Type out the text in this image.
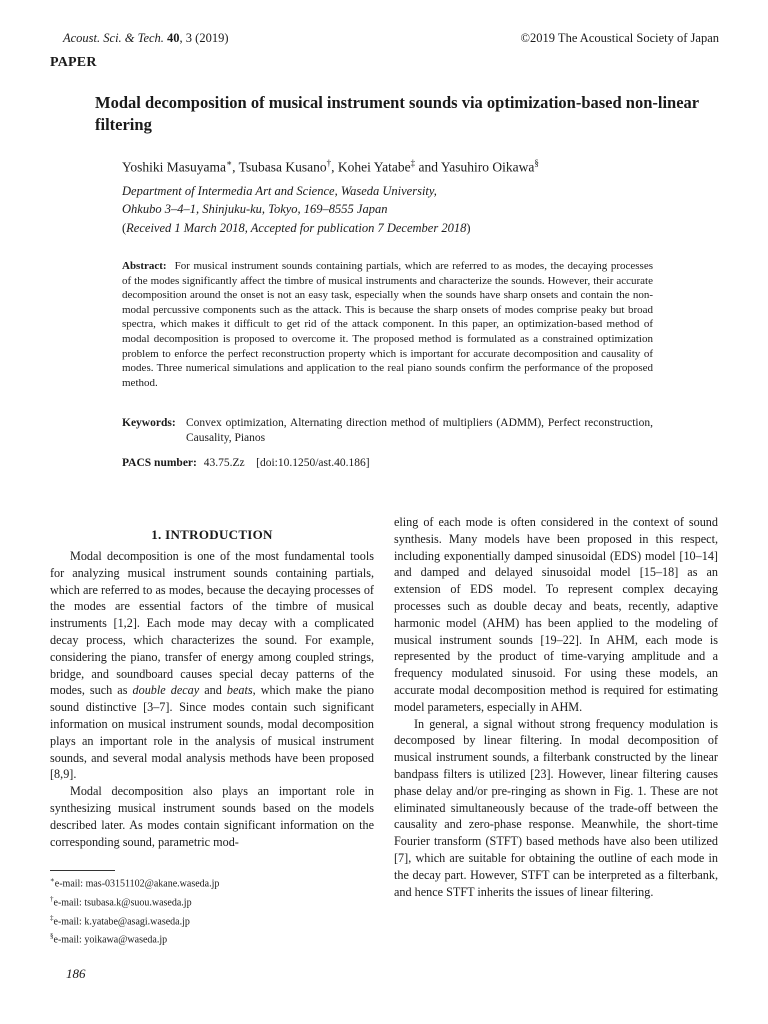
Acoust. Sci. & Tech. 40, 3 (2019)	©2019 The Acoustical Society of Japan
PAPER
Modal decomposition of musical instrument sounds via optimization-based non-linear filtering
Yoshiki Masuyama∗, Tsubasa Kusano†, Kohei Yatabe‡ and Yasuhiro Oikawa§
Department of Intermedia Art and Science, Waseda University,
Ohkubo 3–4–1, Shinjuku-ku, Tokyo, 169–8555 Japan
(Received 1 March 2018, Accepted for publication 7 December 2018)
Abstract: For musical instrument sounds containing partials, which are referred to as modes, the decaying processes of the modes significantly affect the timbre of musical instruments and characterize the sounds. However, their accurate decomposition around the onset is not an easy task, especially when the sounds have sharp onsets and contain the non-modal percussive components such as the attack. This is because the sharp onsets of modes comprise peaky but broad spectra, which makes it difficult to get rid of the attack component. In this paper, an optimization-based method of modal decomposition is proposed to overcome it. The proposed method is formulated as a constrained optimization problem to enforce the perfect reconstruction property which is important for accurate decomposition and causality of modes. Three numerical simulations and application to the real piano sounds confirm the performance of the proposed method.
Keywords: Convex optimization, Alternating direction method of multipliers (ADMM), Perfect reconstruction, Causality, Pianos
PACS number: 43.75.Zz [doi:10.1250/ast.40.186]
1. INTRODUCTION

Modal decomposition is one of the most fundamental tools for analyzing musical instrument sounds containing partials, which are referred to as modes, because the decaying processes of the modes are essential factors of the timbre of musical instruments [1,2]. Each mode may decay with a complicated decay process, which characterizes the sound. For example, considering the piano, transfer of energy among coupled strings, bridge, and soundboard causes special decay patterns of the modes, such as double decay and beats, which make the piano sound distinctive [3–7]. Since modes contain such significant information on musical instrument sounds, modal decomposition plays an important role in the analysis of musical instrument sounds, and several modal analysis methods have been proposed [8,9].

Modal decomposition also plays an important role in synthesizing musical instrument sounds based on the models described later. As modes contain significant information on the corresponding sound, parametric mod-

eling of each mode is often considered in the context of sound synthesis. Many models have been proposed in this respect, including exponentially damped sinusoidal (EDS) model [10–14] and damped and delayed sinusoidal model [15–18] as an extension of EDS model. To represent complex decaying processes such as double decay and beats, recently, adaptive harmonic model (AHM) has been applied to the modeling of musical instrument sounds [19–22]. In AHM, each mode is represented by the product of time-varying amplitude and a frequency modulated sinusoid. For using these models, an accurate modal decomposition method is required for estimating model parameters, especially in AHM.

In general, a signal without strong frequency modulation is decomposed by linear filtering. In modal decomposition of musical instrument sounds, a filterbank constructed by the linear bandpass filters is utilized [23]. However, linear filtering causes phase delay and/or pre-ringing as shown in Fig. 1. These are not eliminated simultaneously because of the trade-off between the causality and zero-phase response. Meanwhile, the short-time Fourier transform (STFT) based methods have also been utilized [7], which are suitable for obtaining the outline of each mode in the decay part. However, STFT can be interpreted as a filterbank, and hence STFT inherits the issues of linear filtering.

∗e-mail: mas-03151102@akane.waseda.jp
†e-mail: tsubasa.k@suou.waseda.jp
‡e-mail: k.yatabe@asagi.waseda.jp
§e-mail: yoikawa@waseda.jp
186
